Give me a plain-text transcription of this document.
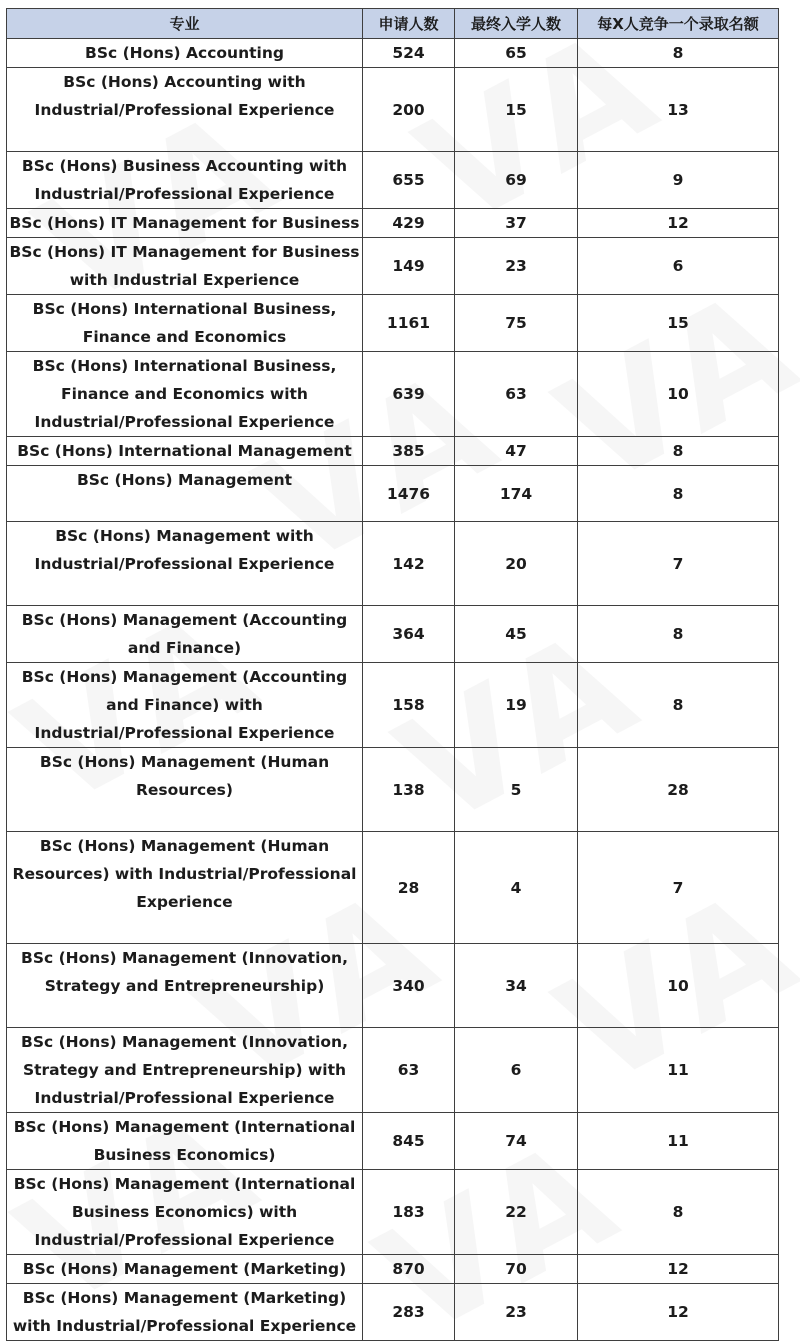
专业	申请人数	最终入学人数	每X人竞争一个录取名额
BSc (Hons) Accounting	524	65	8
BSc (Hons) Accounting with Industrial/Professional Experience	200	15	13
BSc (Hons) Business Accounting with Industrial/Professional Experience	655	69	9
BSc (Hons) IT Management for Business	429	37	12
BSc (Hons) IT Management for Business with Industrial Experience	149	23	6
BSc (Hons) International Business, Finance and Economics	1161	75	15
BSc (Hons) International Business, Finance and Economics with Industrial/Professional Experience	639	63	10
BSc (Hons) International Management	385	47	8
BSc (Hons) Management	1476	174	8
BSc (Hons) Management with Industrial/Professional Experience	142	20	7
BSc (Hons) Management (Accounting and Finance)	364	45	8
BSc (Hons) Management (Accounting and Finance) with Industrial/Professional Experience	158	19	8
BSc (Hons) Management (Human Resources)	138	5	28
BSc (Hons) Management (Human Resources) with Industrial/Professional Experience	28	4	7
BSc (Hons) Management (Innovation, Strategy and Entrepreneurship)	340	34	10
BSc (Hons) Management (Innovation, Strategy and Entrepreneurship) with Industrial/Professional Experience	63	6	11
BSc (Hons) Management (International Business Economics)	845	74	11
BSc (Hons) Management (International Business Economics) with Industrial/Professional Experience	183	22	8
BSc (Hons) Management (Marketing)	870	70	12
BSc (Hons) Management (Marketing) with Industrial/Professional Experience	283	23	12
